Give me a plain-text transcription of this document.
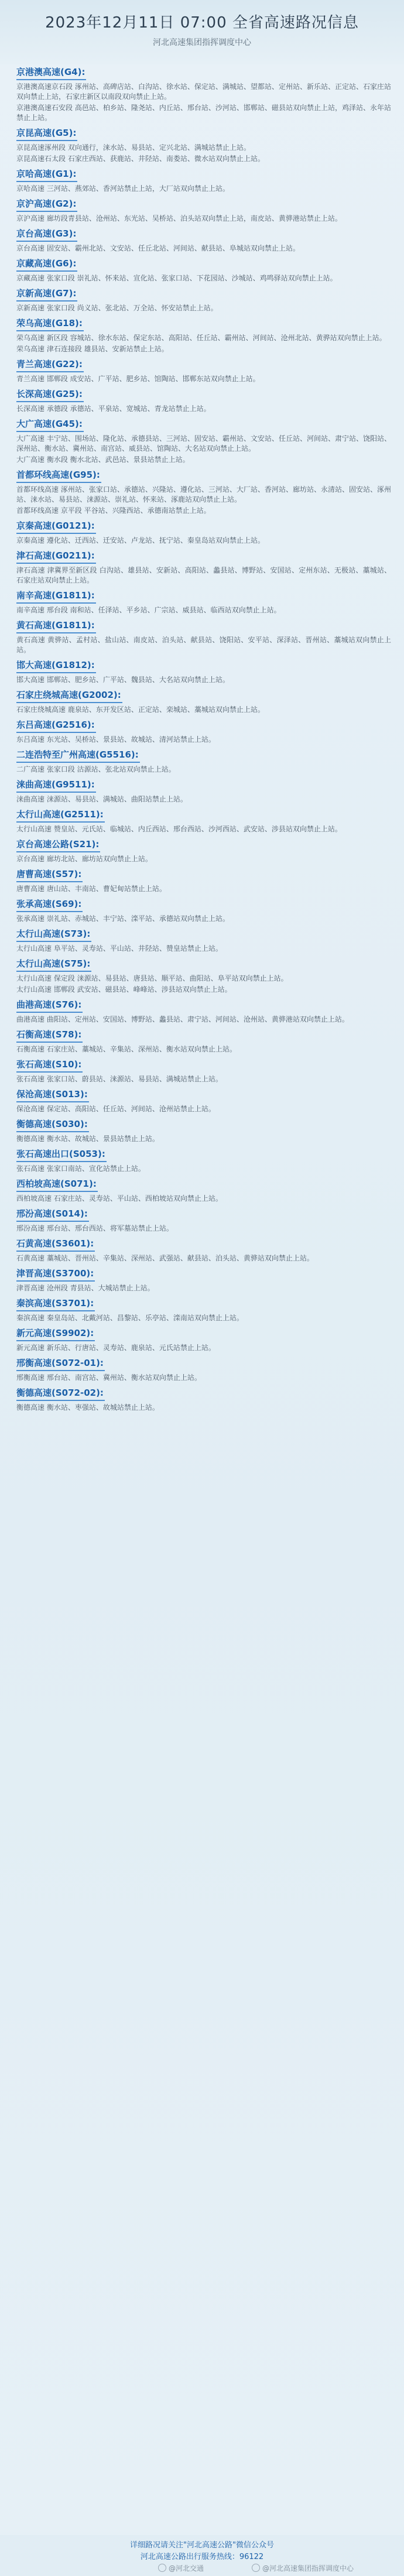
2023年12月11日 07:00 全省高速路况信息
河北高速集团指挥调度中心
京港澳高速(G4):

京港澳高速京石段 涿州站、高碑店站、白沟站、徐水站、保定站、满城站、望都站、定州站、新乐站、正定站、石家庄站双向禁止上站，石家庄新区以南段双向禁止上站。

京港澳高速石安段 高邑站、柏乡站、隆尧站、内丘站、邢台站、沙河站、邯郸站、磁县站双向禁止上站，鸡泽站、永年站禁止上站。

京昆高速(G5):

京昆高速涿州段 双向通行，涞水站、易县站、定兴北站、满城站禁止上站。

京昆高速石太段 石家庄西站、获鹿站、井陉站、南娄站、微水站双向禁止上站。

京哈高速(G1):

京哈高速 三河站、燕郊站、香河站禁止上站，大厂站双向禁止上站。

京沪高速(G2):

京沪高速 廊坊段青县站、沧州站、东光站、吴桥站、泊头站双向禁止上站，南皮站、黄骅港站禁止上站。

京台高速(G3):

京台高速 固安站、霸州北站、文安站、任丘北站、河间站、献县站、阜城站双向禁止上站。

京藏高速(G6):

京藏高速 张家口段 崇礼站、怀来站、宣化站、张家口站、下花园站、沙城站、鸡鸣驿站双向禁止上站。

京新高速(G7):

京新高速 张家口段 尚义站、张北站、万全站、怀安站禁止上站。

荣乌高速(G18):

荣乌高速 新区段 容城站、徐水东站、保定东站、高阳站、任丘站、霸州站、河间站、沧州北站、黄骅站双向禁止上站。

荣乌高速 津石连接段 雄县站、安新站禁止上站。

青兰高速(G22):

青兰高速 邯郸段 成安站、广平站、肥乡站、馆陶站、邯郸东站双向禁止上站。

长深高速(G25):

长深高速 承德段 承德站、平泉站、宽城站、青龙站禁止上站。

大广高速(G45):

大广高速 丰宁站、围场站、隆化站、承德县站、三河站、固安站、霸州站、文安站、任丘站、河间站、肃宁站、饶阳站、深州站、衡水站、冀州站、南宫站、威县站、馆陶站、大名站双向禁止上站。

大广高速 衡水段 衡水北站、武邑站、景县站禁止上站。

首都环线高速(G95):

首都环线高速 涿州站、张家口站、承德站、兴隆站、遵化站、三河站、大厂站、香河站、廊坊站、永清站、固安站、涿州站、涞水站、易县站、涞源站、崇礼站、怀来站、涿鹿站双向禁止上站。

首都环线高速 京平段 平谷站、兴隆西站、承德南站禁止上站。

京秦高速(G0121):

京秦高速 遵化站、迁西站、迁安站、卢龙站、抚宁站、秦皇岛站双向禁止上站。

津石高速(G0211):

津石高速 津冀界至新区段 白沟站、雄县站、安新站、高阳站、蠡县站、博野站、安国站、定州东站、无极站、藁城站、石家庄站双向禁止上站。

南辛高速(G1811):

南辛高速 邢台段 南和站、任泽站、平乡站、广宗站、威县站、临西站双向禁止上站。

黄石高速(G1811):

黄石高速 黄骅站、孟村站、盐山站、南皮站、泊头站、献县站、饶阳站、安平站、深泽站、晋州站、藁城站双向禁止上站。

邯大高速(G1812):

邯大高速 邯郸站、肥乡站、广平站、魏县站、大名站双向禁止上站。

石家庄绕城高速(G2002):

石家庄绕城高速 鹿泉站、东开发区站、正定站、栾城站、藁城站双向禁止上站。

东吕高速(G2516):

东吕高速 东光站、吴桥站、景县站、故城站、清河站禁止上站。

二连浩特至广州高速(G5516):

二广高速 张家口段 沽源站、张北站双向禁止上站。

涞曲高速(G9511):

涞曲高速 涞源站、易县站、满城站、曲阳站禁止上站。

太行山高速(G2511):

太行山高速 赞皇站、元氏站、临城站、内丘西站、邢台西站、沙河西站、武安站、涉县站双向禁止上站。

京台高速公路(S21):

京台高速 廊坊北站、廊坊站双向禁止上站。

唐曹高速(S57):

唐曹高速 唐山站、丰南站、曹妃甸站禁止上站。

张承高速(S69):

张承高速 崇礼站、赤城站、丰宁站、滦平站、承德站双向禁止上站。

太行山高速(S73):

太行山高速 阜平站、灵寿站、平山站、井陉站、赞皇站禁止上站。

太行山高速(S75):

太行山高速 保定段 涞源站、易县站、唐县站、顺平站、曲阳站、阜平站双向禁止上站。

太行山高速 邯郸段 武安站、磁县站、峰峰站、涉县站双向禁止上站。

曲港高速(S76):

曲港高速 曲阳站、定州站、安国站、博野站、蠡县站、肃宁站、河间站、沧州站、黄骅港站双向禁止上站。

石衡高速(S78):

石衡高速 石家庄站、藁城站、辛集站、深州站、衡水站双向禁止上站。

张石高速(S10):

张石高速 张家口站、蔚县站、涞源站、易县站、满城站禁止上站。

保沧高速(S013):

保沧高速 保定站、高阳站、任丘站、河间站、沧州站禁止上站。

衡德高速(S030):

衡德高速 衡水站、故城站、景县站禁止上站。

张石高速出口(S053):

张石高速 张家口南站、宣化站禁止上站。

西柏坡高速(S071):

西柏坡高速 石家庄站、灵寿站、平山站、西柏坡站双向禁止上站。

邢汾高速(S014):

邢汾高速 邢台站、邢台西站、将军墓站禁止上站。

石黄高速(S3601):

石黄高速 藁城站、晋州站、辛集站、深州站、武强站、献县站、泊头站、黄骅站双向禁止上站。

津晋高速(S3700):

津晋高速 沧州段 青县站、大城站禁止上站。

秦滨高速(S3701):

秦滨高速 秦皇岛站、北戴河站、昌黎站、乐亭站、滦南站双向禁止上站。

新元高速(S9902):

新元高速 新乐站、行唐站、灵寿站、鹿泉站、元氏站禁止上站。

邢衡高速(S072-01):

邢衡高速 邢台站、南宫站、冀州站、衡水站双向禁止上站。

衡德高速(S072-02):

衡德高速 衡水站、枣强站、故城站禁止上站。

详细路况请关注"河北高速公路"微信公众号
河北高速公路出行服务热线：96122
@河北交通	@河北高速集团指挥调度中心
